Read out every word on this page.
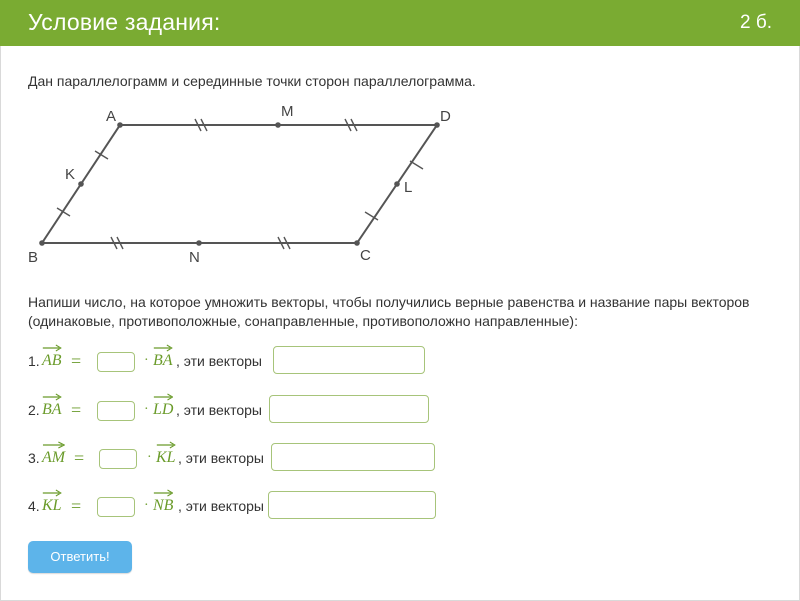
Условие задания:	2 б.
Дан параллелограмм и серединные точки сторон параллелограмма.
A	M	D
K
L
B	N	C
Напиши число, на которое умножить векторы, чтобы получились верные равенства и название пары векторов (одинаковые, противоположные, сонаправленные, противоположно направленные):
1. AB =	· BA , эти векторы
2. BA =	· LD , эти векторы
3. AM =	· KL , эти векторы
4. KL =	· NB , эти векторы
Ответить!
